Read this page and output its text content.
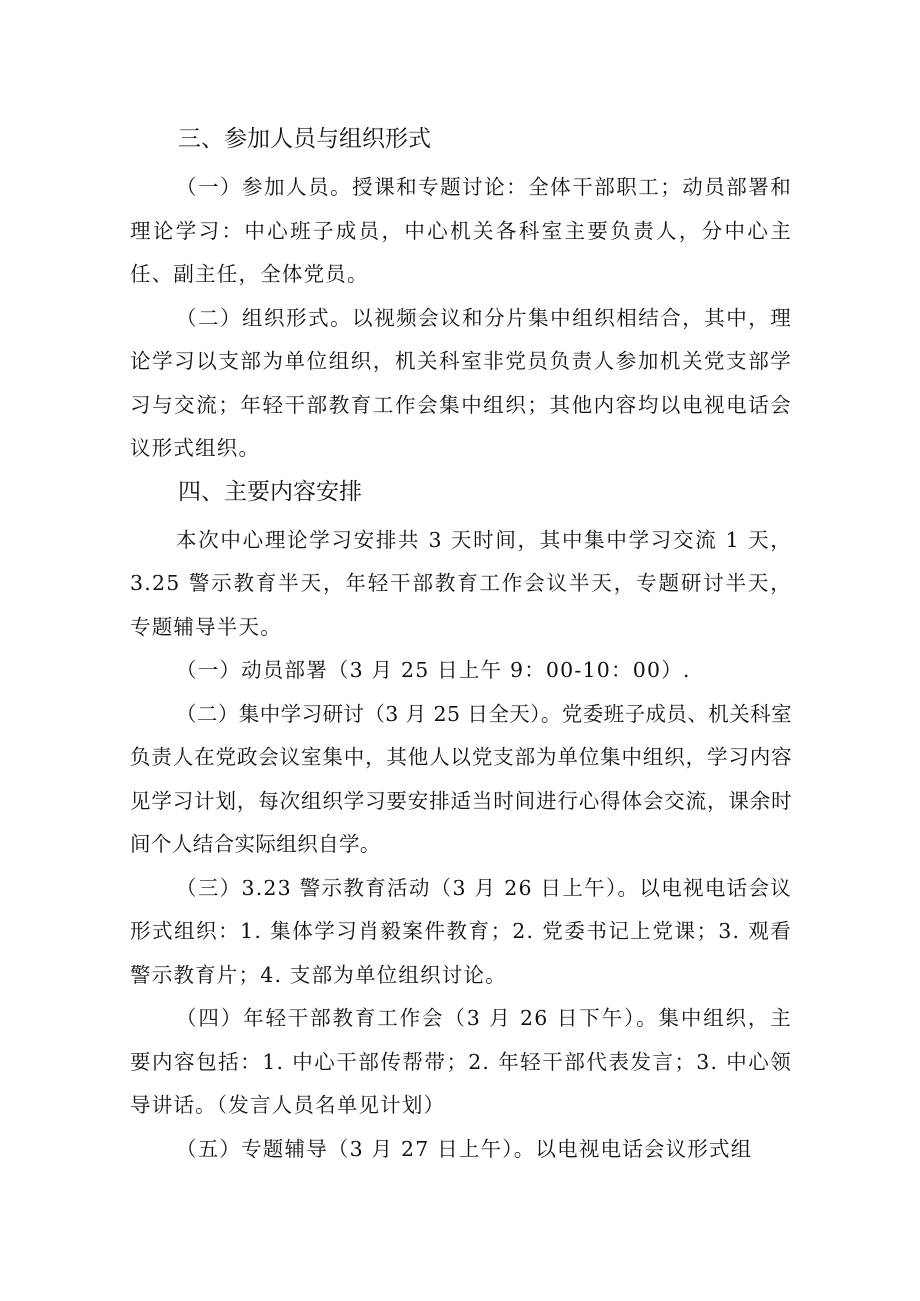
三、参加人员与组织形式

（一）参加人员。授课和专题讨论：全体干部职工；动员部署和理论学习：中心班子成员，中心机关各科室主要负责人，分中心主任、副主任，全体党员。

（二）组织形式。以视频会议和分片集中组织相结合，其中，理论学习以支部为单位组织，机关科室非党员负责人参加机关党支部学习与交流；年轻干部教育工作会集中组织；其他内容均以电视电话会议形式组织。

四、主要内容安排

本次中心理论学习安排共 3 天时间，其中集中学习交流 1 天，3.25 警示教育半天，年轻干部教育工作会议半天，专题研讨半天，专题辅导半天。

（一）动员部署（3 月 25 日上午 9：00-10：00）.

（二）集中学习研讨（3 月 25 日全天）。党委班子成员、机关科室负责人在党政会议室集中，其他人以党支部为单位集中组织，学习内容见学习计划，每次组织学习要安排适当时间进行心得体会交流，课余时间个人结合实际组织自学。

（三）3.23 警示教育活动（3 月 26 日上午）。以电视电话会议形式组织：1. 集体学习肖毅案件教育；2. 党委书记上党课；3. 观看警示教育片；4. 支部为单位组织讨论。

（四）年轻干部教育工作会（3 月 26 日下午）。集中组织，主要内容包括：1. 中心干部传帮带；2. 年轻干部代表发言；3. 中心领导讲话。（发言人员名单见计划）

（五）专题辅导（3 月 27 日上午）。以电视电话会议形式组
